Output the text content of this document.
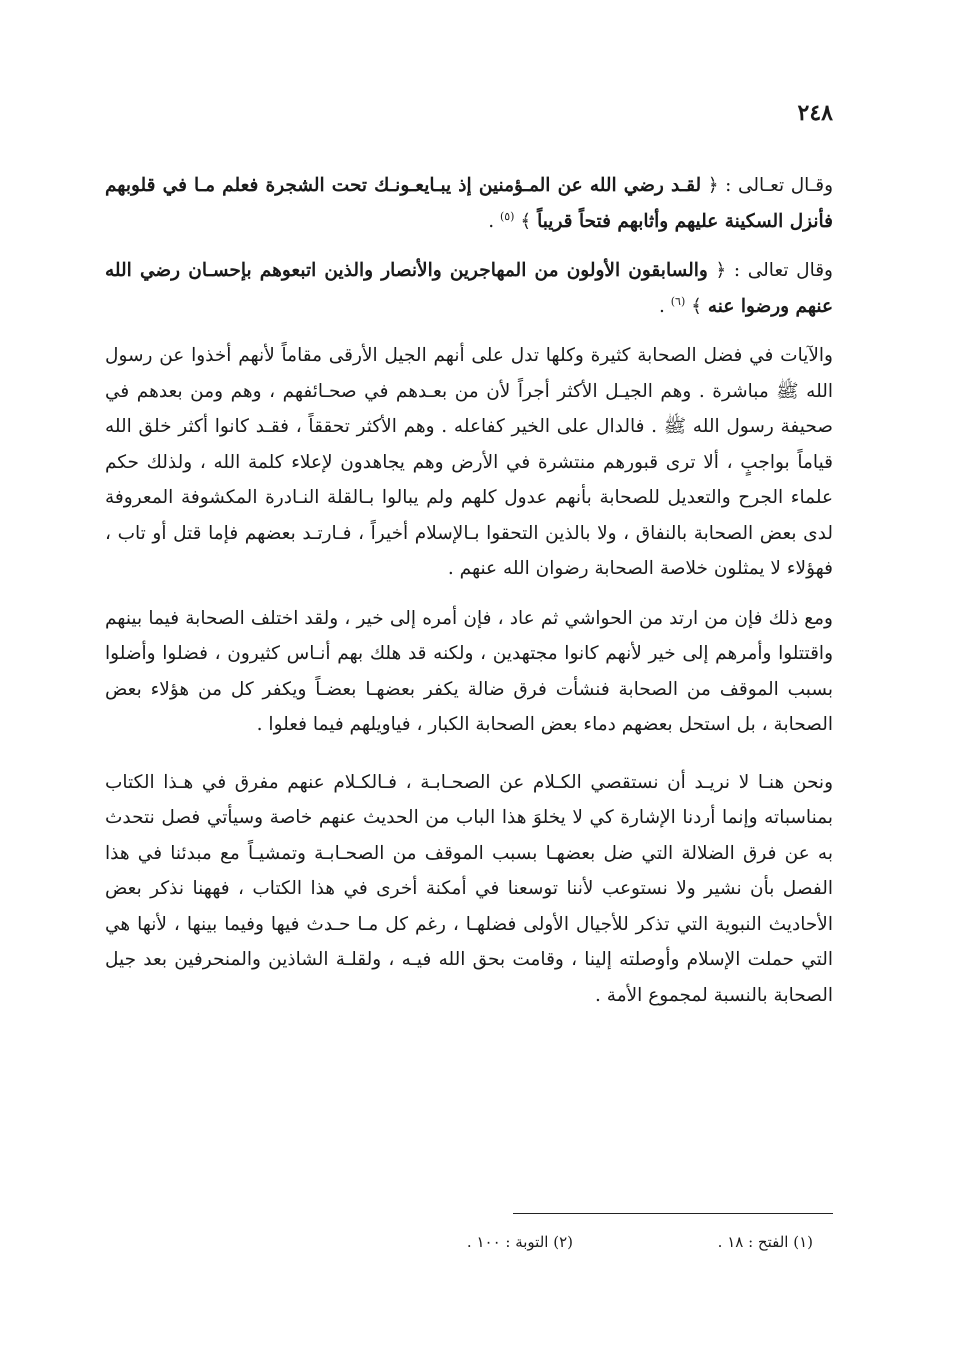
٢٤٨

وقـال تعـالى : ﴿ لقـد رضي الله عن المـؤمنين إذ يبـايعـونـك تحت الشجرة فعلم مـا في قلوبهم فأنزل السكينة عليهم وأثابهم فتحاً قريباً ﴾ $^{(٥)}$ .

وقال تعالى : ﴿ والسابقون الأولون من المهاجرين والأنصار والذين اتبعوهم بإحسـان رضي الله عنهم ورضوا عنه ﴾ $^{(٦)}$ .

والآيات في فضل الصحابة كثيرة وكلها تدل على أنهم الجيل الأرقى مقاماً لأنهم أخذوا عن رسول الله ﷺ مباشرة . وهم الجيـل الأكثر أجراً لأن من بعـدهم في صحـائفهم ، وهم ومن بعدهم في صحيفة رسول الله ﷺ . فالدال على الخير كفاعله . وهم الأكثر تحققاً ، فقـد كانوا أكثر خلق الله قياماً بواجبٍ ، ألا ترى قبورهم منتشرة في الأرض وهم يجاهدون لإعلاء كلمة الله ، ولذلك حكم علماء الجرح والتعديل للصحابة بأنهم عدول كلهم ولم يبالوا بـالقلة النـادرة المكشوفة المعروفة لدى بعض الصحابة بالنفاق ، ولا بالذين التحقوا بـالإسلام أخيراً ، فـارتـد بعضهم فإما قتل أو تاب ، فهؤلاء لا يمثلون خلاصة الصحابة رضوان الله عنهم .

ومع ذلك فإن من ارتد من الحواشي ثم عاد ، فإن أمره إلى خير ، ولقد اختلف الصحابة فيما بينهم واقتتلوا وأمرهم إلى خير لأنهم كانوا مجتهدين ، ولكنه قد هلك بهم أنـاس كثيرون ، فضلوا وأضلوا بسبب الموقف من الصحابة فنشأت فرق ضالة يكفر بعضهـا بعضـاً ويكفر كل من هؤلاء بعض الصحابة ، بل استحل بعضهم دماء بعض الصحابة الكبار ، فياويلهم فيما فعلوا .

ونحن هنـا لا نريـد أن نستقصي الكـلام عن الصحـابـة ، فـالكـلام عنهم مفرق في هـذا الكتاب بمناسباته وإنما أردنا الإشارة كي لا يخلوَ هذا الباب من الحديث عنهم خاصة وسيأتي فصل نتحدث به عن فرق الضلالة التي ضل بعضهـا بسبب الموقف من الصحـابـة وتمشيـاً مع مبدئنا في هذا الفصل بأن نشير ولا نستوعب لأننا توسعنا في أمكنة أخرى في هذا الكتاب ، فههنا نذكر بعض الأحاديث النبوية التي تذكر للأجيال الأولى فضلهـا ، رغم كل مـا حـدث فيها وفيما بينها ، لأنها هي التي حملت الإسلام وأوصلته إلينا ، وقامت بحق الله فيـه ، ولقلـة الشاذين والمنحرفين بعد جيل الصحابة بالنسبة لمجموع الأمة .

(١) الفتح : ١٨ .
(٢) التوبة : ١٠٠ .
